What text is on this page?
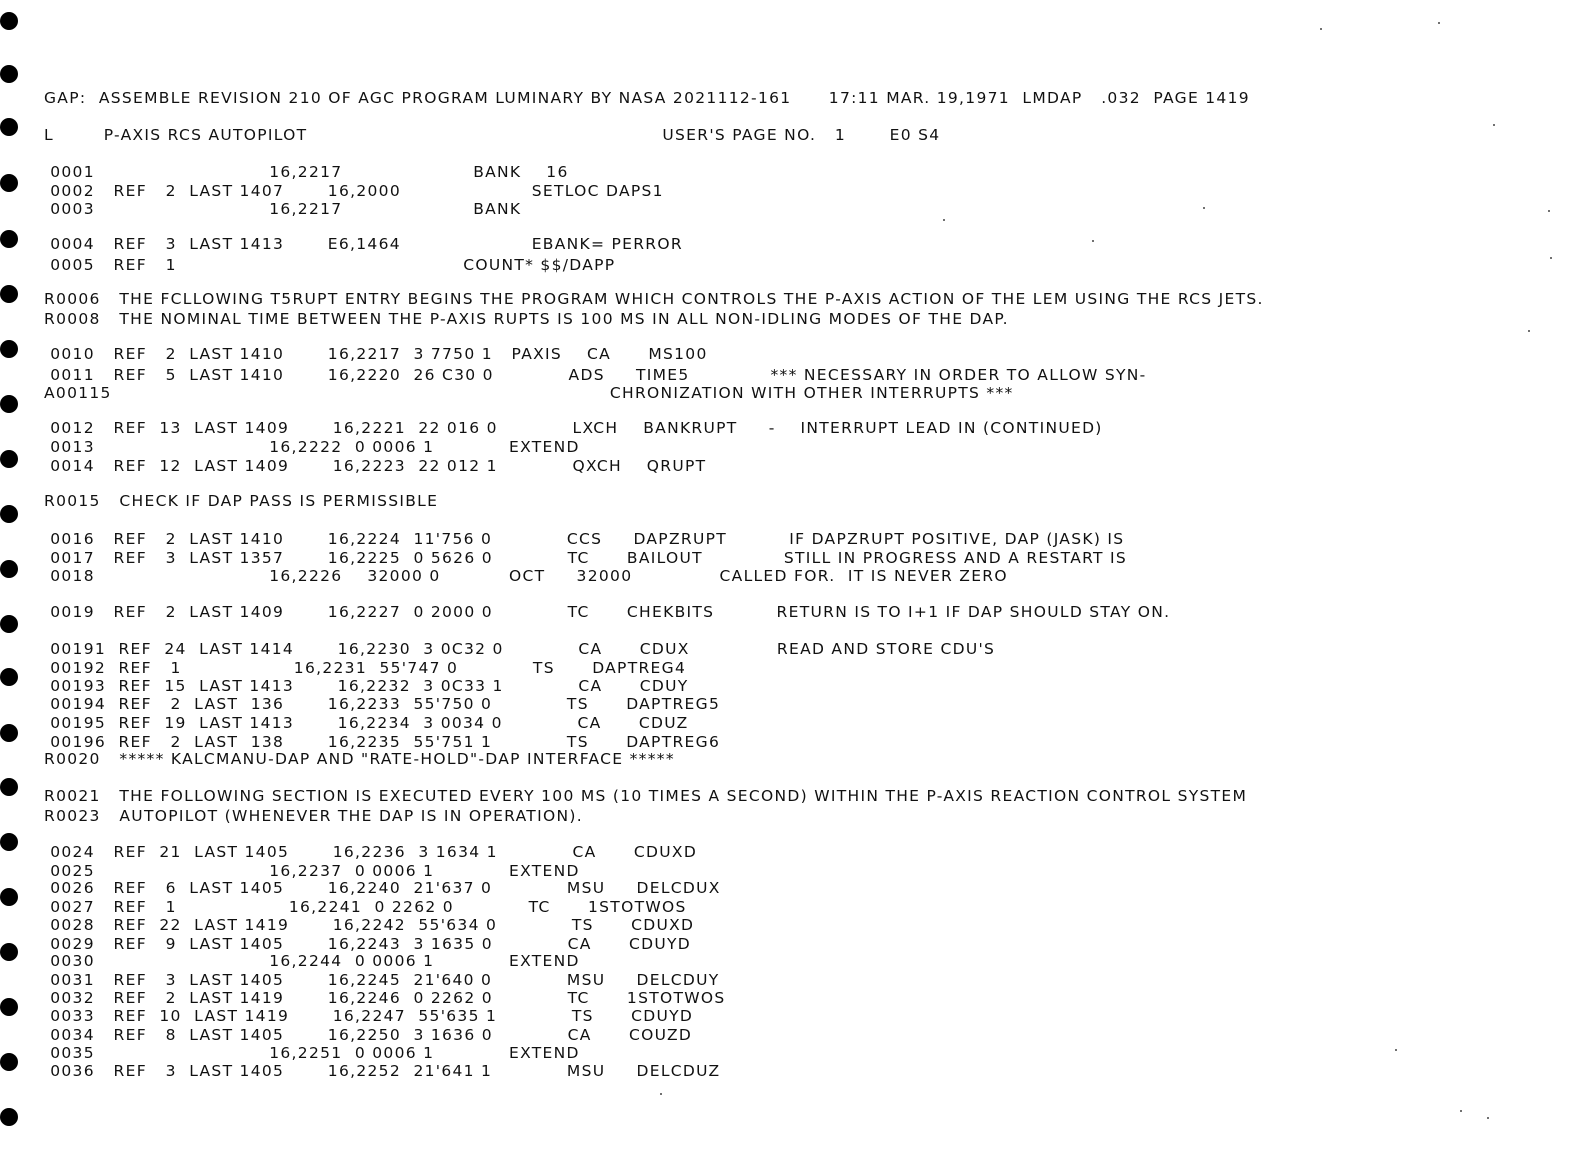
GAP:  ASSEMBLE REVISION 210 OF AGC PROGRAM LUMINARY BY NASA 2021112-161      17:11 MAR. 19,1971  LMDAP   .032  PAGE 1419
L        P-AXIS RCS AUTOPILOT                                                         USER'S PAGE NO.   1       E0 S4
0001                            16,2217                     BANK    16
0002   REF   2  LAST 1407       16,2000                     SETLOC DAPS1
0003                            16,2217                     BANK
0004   REF   3  LAST 1413       E6,1464                     EBANK= PERROR
0005   REF   1                                              COUNT* $$/DAPP
R0006   THE FCLLOWING T5RUPT ENTRY BEGINS THE PROGRAM WHICH CONTROLS THE P-AXIS ACTION OF THE LEM USING THE RCS JETS.
R0008   THE NOMINAL TIME BETWEEN THE P-AXIS RUPTS IS 100 MS IN ALL NON-IDLING MODES OF THE DAP.
0010   REF   2  LAST 1410       16,2217  3 7750 1   PAXIS    CA      MS100
0011   REF   5  LAST 1410       16,2220  26 C30 0            ADS     TIME5             *** NECESSARY IN ORDER TO ALLOW SYN-
A00115                                                                                CHRONIZATION WITH OTHER INTERRUPTS ***
0012   REF  13  LAST 1409       16,2221  22 016 0            LXCH    BANKRUPT     -    INTERRUPT LEAD IN (CONTINUED)
0013                            16,2222  0 0006 1            EXTEND
0014   REF  12  LAST 1409       16,2223  22 012 1            QXCH    QRUPT
R0015   CHECK IF DAP PASS IS PERMISSIBLE
0016   REF   2  LAST 1410       16,2224  11'756 0            CCS     DAPZRUPT          IF DAPZRUPT POSITIVE, DAP (JASK) IS
0017   REF   3  LAST 1357       16,2225  0 5626 0            TC      BAILOUT             STILL IN PROGRESS AND A RESTART IS
0018                            16,2226    32000 0           OCT     32000              CALLED FOR.  IT IS NEVER ZERO
0019   REF   2  LAST 1409       16,2227  0 2000 0            TC      CHEKBITS          RETURN IS TO I+1 IF DAP SHOULD STAY ON.
00191  REF  24  LAST 1414       16,2230  3 0C32 0            CA      CDUX              READ AND STORE CDU'S
00192  REF   1                  16,2231  55'747 0            TS      DAPTREG4
00193  REF  15  LAST 1413       16,2232  3 0C33 1            CA      CDUY
00194  REF   2  LAST  136       16,2233  55'750 0            TS      DAPTREG5
00195  REF  19  LAST 1413       16,2234  3 0034 0            CA      CDUZ
00196  REF   2  LAST  138       16,2235  55'751 1            TS      DAPTREG6
R0020   ***** KALCMANU-DAP AND "RATE-HOLD"-DAP INTERFACE *****
R0021   THE FOLLOWING SECTION IS EXECUTED EVERY 100 MS (10 TIMES A SECOND) WITHIN THE P-AXIS REACTION CONTROL SYSTEM
R0023   AUTOPILOT (WHENEVER THE DAP IS IN OPERATION).
0024   REF  21  LAST 1405       16,2236  3 1634 1            CA      CDUXD
0025                            16,2237  0 0006 1            EXTEND
0026   REF   6  LAST 1405       16,2240  21'637 0            MSU     DELCDUX
0027   REF   1                  16,2241  0 2262 0            TC      1STOTWOS
0028   REF  22  LAST 1419       16,2242  55'634 0            TS      CDUXD
0029   REF   9  LAST 1405       16,2243  3 1635 0            CA      CDUYD
0030                            16,2244  0 0006 1            EXTEND
0031   REF   3  LAST 1405       16,2245  21'640 0            MSU     DELCDUY
0032   REF   2  LAST 1419       16,2246  0 2262 0            TC      1STOTWOS
0033   REF  10  LAST 1419       16,2247  55'635 1            TS      CDUYD
0034   REF   8  LAST 1405       16,2250  3 1636 0            CA      COUZD
0035                            16,2251  0 0006 1            EXTEND
0036   REF   3  LAST 1405       16,2252  21'641 1            MSU     DELCDUZ
